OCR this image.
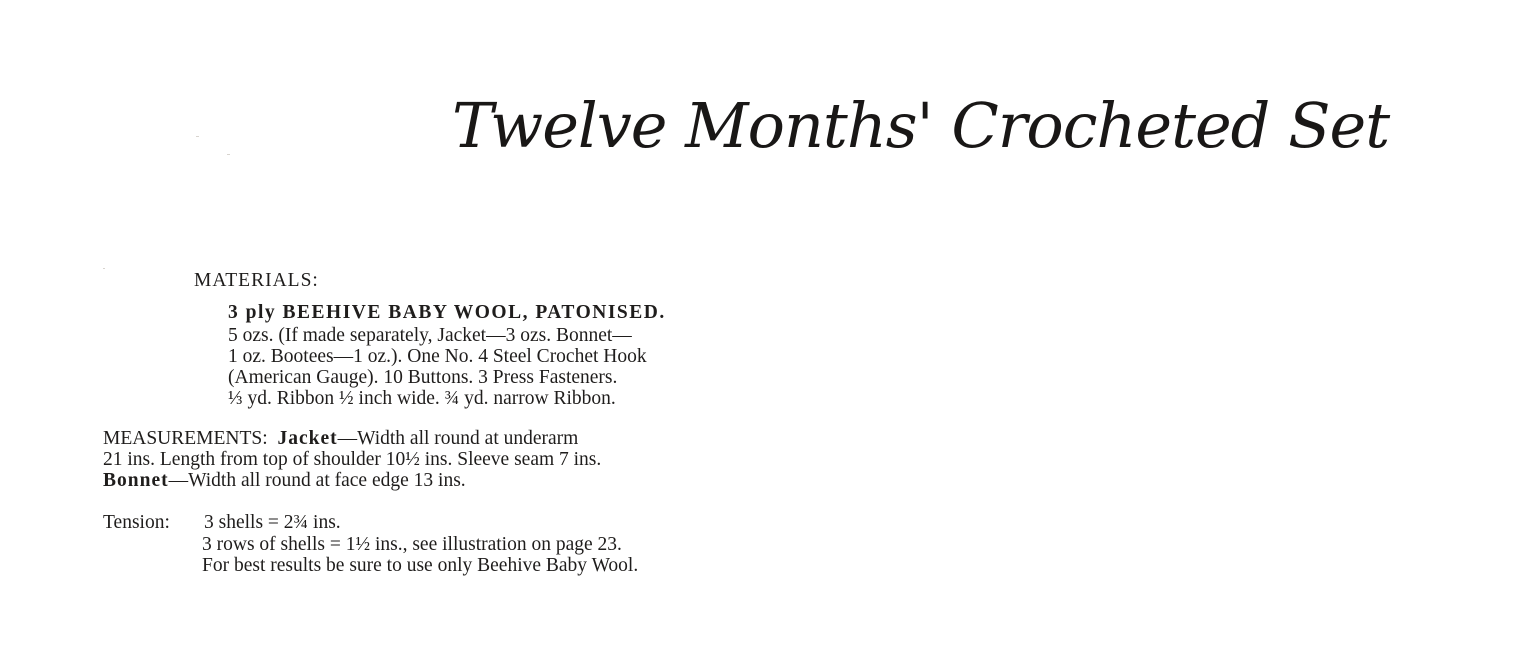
Twelve Months' Crocheted Set
MATERIALS:
3 ply BEEHIVE BABY WOOL, PATONISED.
5 ozs. (If made separately, Jacket—3 ozs. Bonnet—
1 oz. Bootees—1 oz.). One No. 4 Steel Crochet Hook
(American Gauge). 10 Buttons. 3 Press Fasteners.
⅓ yd. Ribbon ½ inch wide. ¾ yd. narrow Ribbon.
MEASUREMENTS: Jacket—Width all round at underarm
21 ins. Length from top of shoulder 10½ ins. Sleeve seam 7 ins.
Bonnet—Width all round at face edge 13 ins.
Tension: 3 shells = 2¾ ins.
3 rows of shells = 1½ ins., see illustration on page 23.
For best results be sure to use only Beehive Baby Wool.
